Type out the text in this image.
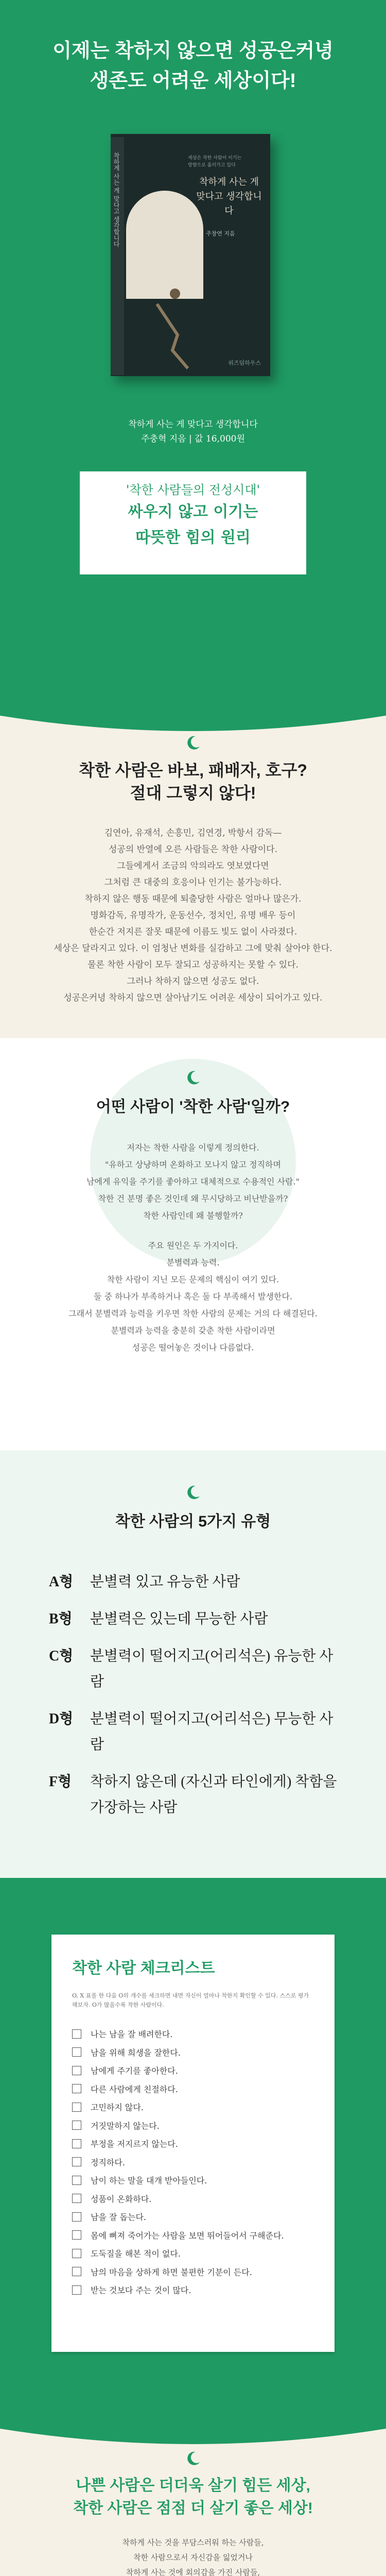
이제는 착하지 않으면 성공은커녕
생존도 어려운 세상이다!
착하게 사는 게 맞다고 생각합니다	세상은 착한 사람이 이기는
방향으로 흘러가고 있다
착하게 사는 게
맞다고 생각합니다
주창연 지음
위즈덤하우스
착하게 사는 게 맞다고 생각합니다
주충혁 지음 | 값 16,000원
'착한 사람들의 전성시대'
싸우지 않고 이기는
따뜻한 힘의 원리
착한 사람은 바보, 패배자, 호구?
절대 그렇지 않다!
김연아, 유재석, 손흥민, 김연경, 박항서 감독—
성공의 반열에 오른 사람들은 착한 사람이다.
그들에게서 조금의 악의라도 엿보였다면
그처럼 큰 대중의 호응이나 인기는 불가능하다.
착하지 않은 행동 때문에 퇴출당한 사람은 얼마나 많은가.
명화감독, 유명작가, 운동선수, 정치인, 유명 배우 등이
한순간 저지른 잘못 때문에 이름도 빛도 없이 사라졌다.
세상은 달라지고 있다. 이 엄청난 변화를 실감하고 그에 맞춰 살아야 한다.
물론 착한 사람이 모두 잘되고 성공하지는 못할 수 있다.
그러나 착하지 않으면 성공도 없다.
성공은커녕 착하지 않으면 살아남기도 어려운 세상이 되어가고 있다.
어떤 사람이 '착한 사람'일까?
저자는 착한 사람을 이렇게 정의한다.
"유하고 상냥하며 온화하고 모나지 않고 정직하며
남에게 유익을 주기를 좋아하고 대체적으로 수용적인 사람."
착한 건 분명 좋은 것인데 왜 무시당하고 비난받을까?
착한 사람인데 왜 불행할까?
주요 원인은 두 가지이다.
분별력과 능력.
착한 사람이 지닌 모든 문제의 핵심이 여기 있다.
둘 중 하나가 부족하거나 혹은 둘 다 부족해서 발생한다.
그래서 분별력과 능력을 키우면 착한 사람의 문제는 거의 다 해결된다.
분별력과 능력을 충분히 갖춘 착한 사람이라면
성공은 떨어놓은 것이나 다름없다.
착한 사람의 5가지 유형
A형	분별력 있고 유능한 사람
B형	분별력은 있는데 무능한 사람
C형	분별력이 떨어지고(어리석은) 유능한 사람
D형	분별력이 떨어지고(어리석은) 무능한 사람
F형	착하지 않은데 (자신과 타인에게) 착함을 가장하는 사람
착한 사람 체크리스트
O, X 표를 한 다음 O의 개수를 세크하면 내면 자신이 얼마나 착한지 확인할 수 있다. 스스로 평가해보자. O가 많을수록 착한 사람이다.
나는 남을 잘 배려한다.
남을 위해 희생을 잘한다.
남에게 주기를 좋아한다.
다른 사람에게 친절하다.
고민하지 않다.
거짓말하지 않는다.
부정을 저지르지 않는다.
정직하다.
남이 하는 말을 대개 받아들인다.
성품이 온화하다.
남을 잘 돕는다.
몸에 뼈져 죽어가는 사람을 보면 뛰어들어서 구해준다.
도둑질을 해본 적이 없다.
남의 마음을 상하게 하면 불편한 기분이 든다.
받는 것보다 주는 것이 많다.
나쁜 사람은 더더욱 살기 힘든 세상,
착한 사람은 점점 더 살기 좋은 세상!
착하게 사는 것을 부담스러워 하는 사람들,
착한 사람으로서 자신감을 잃었거나
착하게 사는 것에 회의감을 가진 사람들,
